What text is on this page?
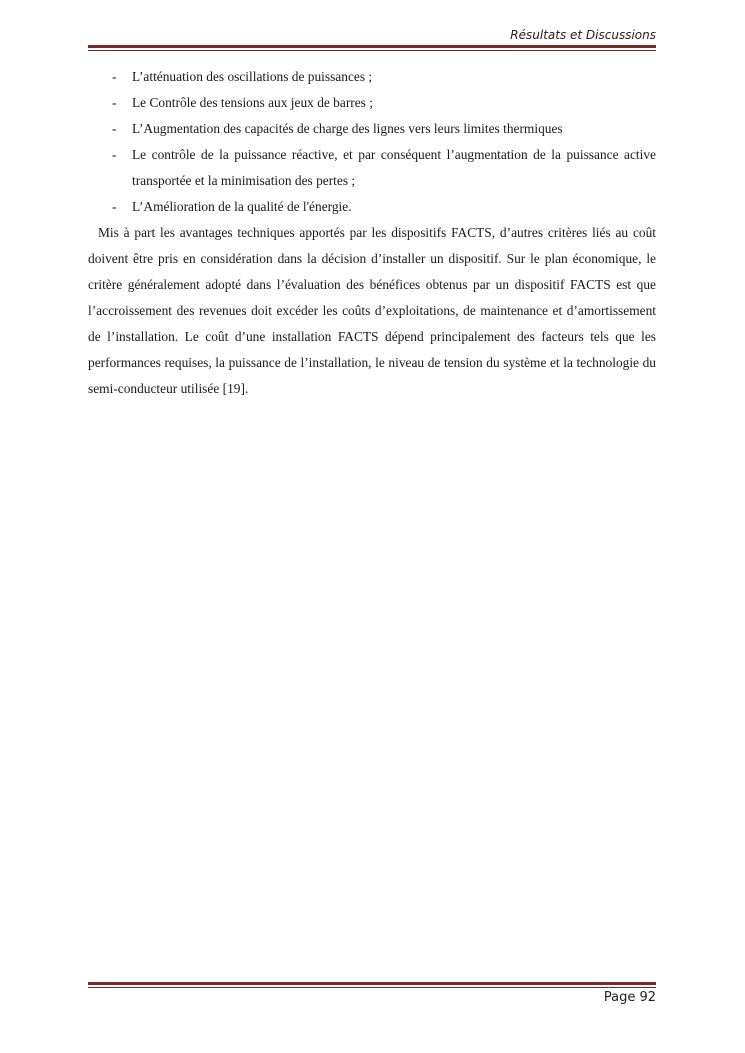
Résultats et Discussions
- L’atténuation des oscillations de puissances ;
- Le Contrôle des tensions aux jeux de barres ;
- L’Augmentation des capacités de charge des lignes vers leurs limites thermiques
- Le contrôle de la puissance réactive, et par conséquent l’augmentation de la puissance active transportée et la minimisation des pertes ;
- L’Amélioration de la qualité de l'énergie.

Mis à part les avantages techniques apportés par les dispositifs FACTS, d’autres critères liés au coût doivent être pris en considération dans la décision d’installer un dispositif. Sur le plan économique, le critère généralement adopté dans l’évaluation des bénéfices obtenus par un dispositif FACTS est que l’accroissement des revenues doit excéder les coûts d’exploitations, de maintenance et d’amortissement de l’installation. Le coût d’une installation FACTS dépend principalement des facteurs tels que les performances requises, la puissance de l’installation, le niveau de tension du système et la technologie du semi-conducteur utilisée [19].

Page 92
